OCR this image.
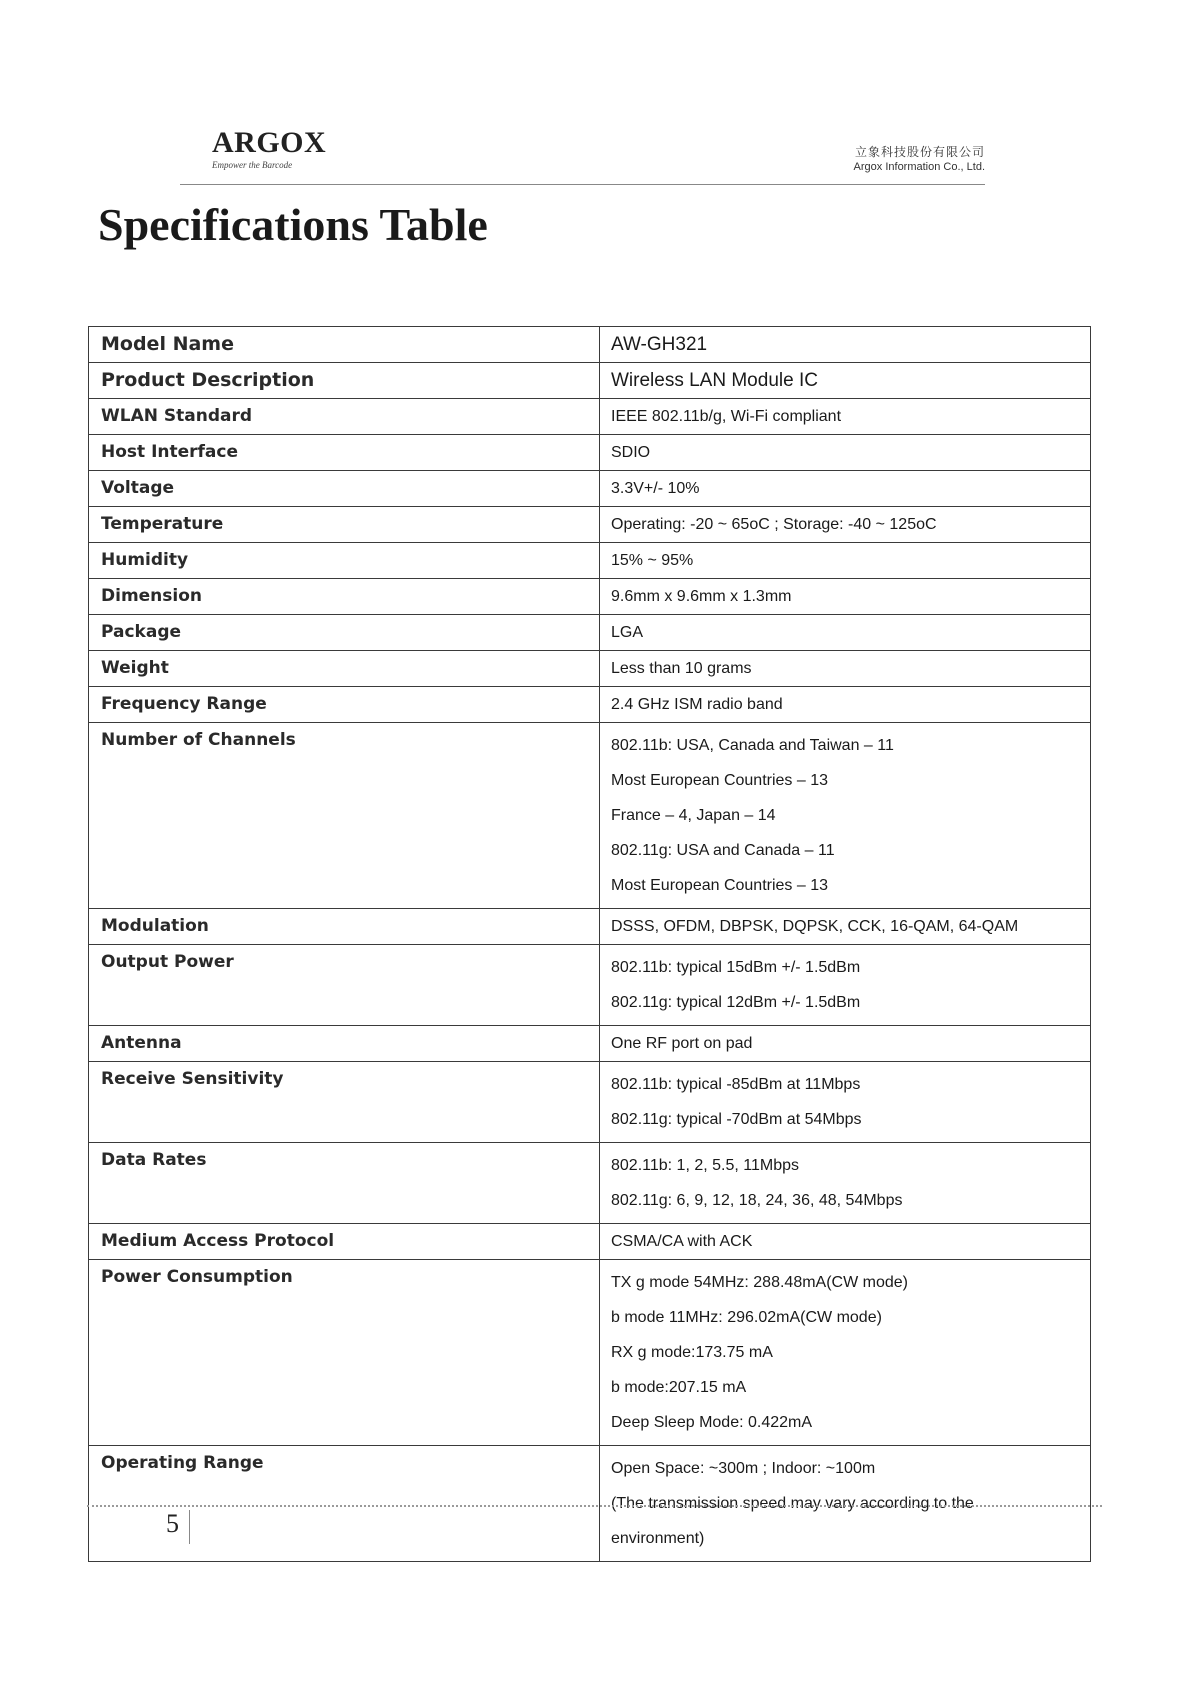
ARGOX
Empower the Barcode
立象科技股份有限公司
Argox Information Co., Ltd.
Specifications Table
Model Name	AW-GH321

Product Description	Wireless LAN Module IC

WLAN Standard	IEEE 802.11b/g, Wi-Fi compliant

Host Interface	SDIO

Voltage	3.3V+/- 10%

Temperature	Operating: -20 ~ 65oC ; Storage: -40 ~ 125oC

Humidity	15% ~ 95%

Dimension	9.6mm x 9.6mm x 1.3mm

Package	LGA

Weight	Less than 10 grams

Frequency Range	2.4 GHz ISM radio band

Number of Channels	802.11b: USA, Canada and Taiwan – 11
Most European Countries – 13
France – 4, Japan – 14
802.11g: USA and Canada – 11
Most European Countries – 13

Modulation	DSSS, OFDM, DBPSK, DQPSK, CCK, 16-QAM, 64-QAM

Output Power	802.11b: typical 15dBm +/- 1.5dBm
802.11g: typical 12dBm +/- 1.5dBm

Antenna	One RF port on pad

Receive Sensitivity	802.11b: typical -85dBm at 11Mbps
802.11g: typical -70dBm at 54Mbps

Data Rates	802.11b: 1, 2, 5.5, 11Mbps
802.11g: 6, 9, 12, 18, 24, 36, 48, 54Mbps

Medium Access Protocol	CSMA/CA with ACK

Power Consumption	TX g mode 54MHz: 288.48mA(CW mode)
b mode 11MHz: 296.02mA(CW mode)
RX g mode:173.75 mA
b mode:207.15 mA
Deep Sleep Mode: 0.422mA

Operating Range	Open Space: ~300m ; Indoor: ~100m
(The transmission speed may vary according to the
environment)
5
